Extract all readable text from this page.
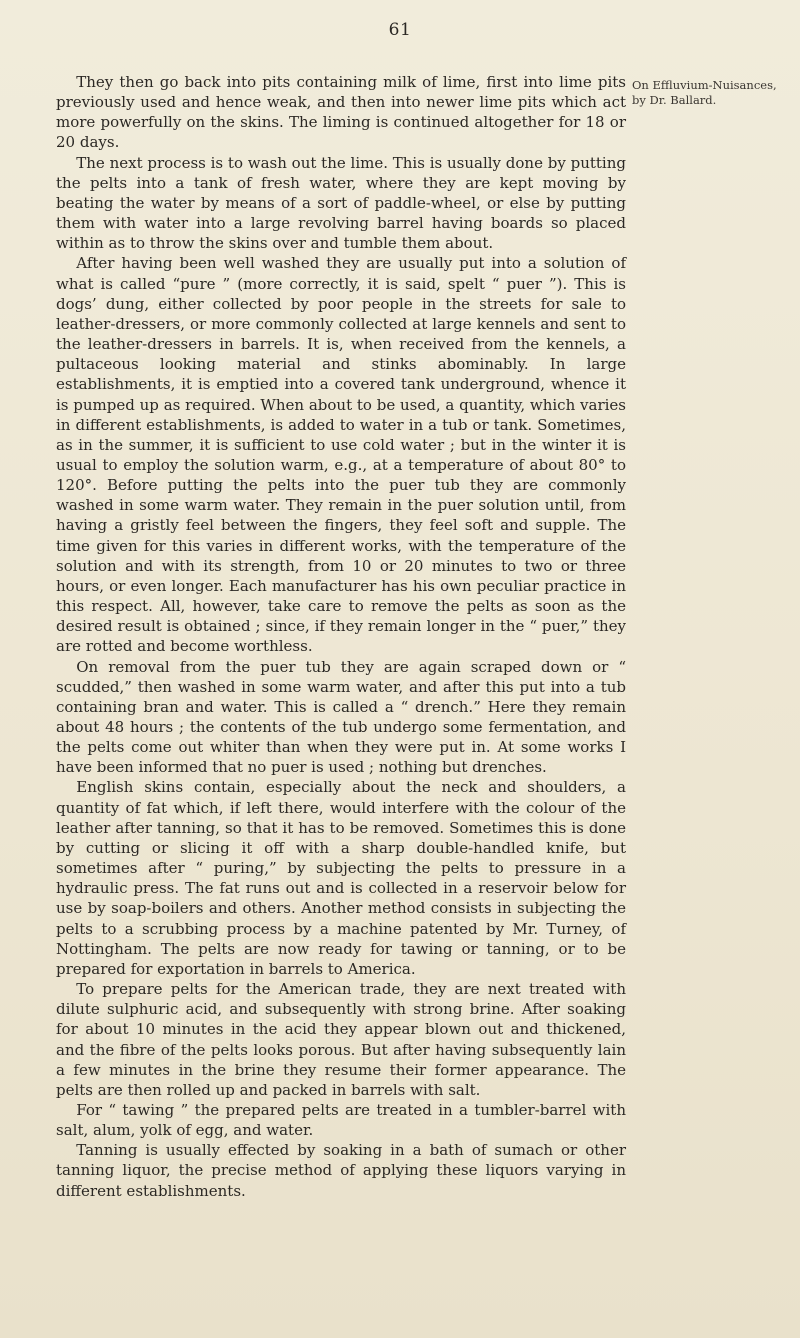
61
On Effluvium-Nuisances, by Dr. Ballard.

They then go back into pits containing milk of lime, first into lime pits previously used and hence weak, and then into newer lime pits which act more powerfully on the skins. The liming is continued altogether for 18 or 20 days.

The next process is to wash out the lime. This is usually done by putting the pelts into a tank of fresh water, where they are kept moving by beating the water by means of a sort of paddle-wheel, or else by putting them with water into a large revolving barrel having boards so placed within as to throw the skins over and tumble them about.

After having been well washed they are usually put into a solution of what is called “pure ” (more correctly, it is said, spelt “ puer ”). This is dogs’ dung, either collected by poor people in the streets for sale to leather-dressers, or more commonly collected at large kennels and sent to the leather-dressers in barrels. It is, when received from the kennels, a pultaceous looking material and stinks abominably. In large establishments, it is emptied into a covered tank underground, whence it is pumped up as required. When about to be used, a quantity, which varies in different establishments, is added to water in a tub or tank. Sometimes, as in the summer, it is sufficient to use cold water ; but in the winter it is usual to employ the solution warm, e.g., at a temperature of about 80° to 120°. Before putting the pelts into the puer tub they are commonly washed in some warm water. They remain in the puer solution until, from having a gristly feel between the fingers, they feel soft and supple. The time given for this varies in different works, with the temperature of the solution and with its strength, from 10 or 20 minutes to two or three hours, or even longer. Each manufacturer has his own peculiar practice in this respect. All, however, take care to remove the pelts as soon as the desired result is obtained ; since, if they remain longer in the “ puer,” they are rotted and become worthless.

On removal from the puer tub they are again scraped down or “ scudded,” then washed in some warm water, and after this put into a tub containing bran and water. This is called a “ drench.” Here they remain about 48 hours ; the contents of the tub undergo some fermentation, and the pelts come out whiter than when they were put in. At some works I have been informed that no puer is used ; nothing but drenches.

English skins contain, especially about the neck and shoulders, a quantity of fat which, if left there, would interfere with the colour of the leather after tanning, so that it has to be removed. Sometimes this is done by cutting or slicing it off with a sharp double-handled knife, but sometimes after “ puring,” by subjecting the pelts to pressure in a hydraulic press. The fat runs out and is collected in a reservoir below for use by soap-boilers and others. Another method consists in subjecting the pelts to a scrubbing process by a machine patented by Mr. Turney, of Nottingham. The pelts are now ready for tawing or tanning, or to be prepared for exportation in barrels to America.

To prepare pelts for the American trade, they are next treated with dilute sulphuric acid, and subsequently with strong brine. After soaking for about 10 minutes in the acid they appear blown out and thickened, and the fibre of the pelts looks porous. But after having subsequently lain a few minutes in the brine they resume their former appearance. The pelts are then rolled up and packed in barrels with salt.

For “ tawing ” the prepared pelts are treated in a tumbler-barrel with salt, alum, yolk of egg, and water.

Tanning is usually effected by soaking in a bath of sumach or other tanning liquor, the precise method of applying these liquors varying in different establishments.
